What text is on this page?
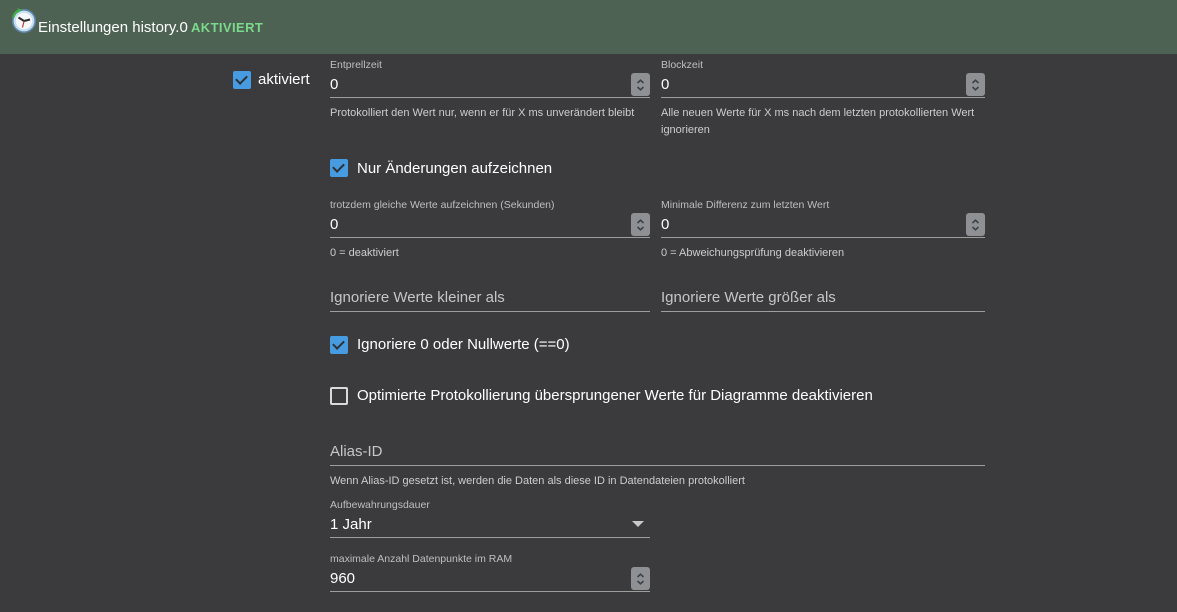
Einstellungen history.0 AKTIVIERT
aktiviert
Entprellzeit
0
Protokolliert den Wert nur, wenn er für X ms unverändert bleibt
Blockzeit
0
Alle neuen Werte für X ms nach dem letzten protokollierten Wert ignorieren
Nur Änderungen aufzeichnen
trotzdem gleiche Werte aufzeichnen (Sekunden)
0
0 = deaktiviert
Minimale Differenz zum letzten Wert
0
0 = Abweichungsprüfung deaktivieren
Ignoriere Werte kleiner als
Ignoriere Werte größer als
Ignoriere 0 oder Nullwerte (==0)
Optimierte Protokollierung übersprungener Werte für Diagramme deaktivieren
Alias-ID
Wenn Alias-ID gesetzt ist, werden die Daten als diese ID in Datendateien protokolliert
Aufbewahrungsdauer
1 Jahr
maximale Anzahl Datenpunkte im RAM
960
